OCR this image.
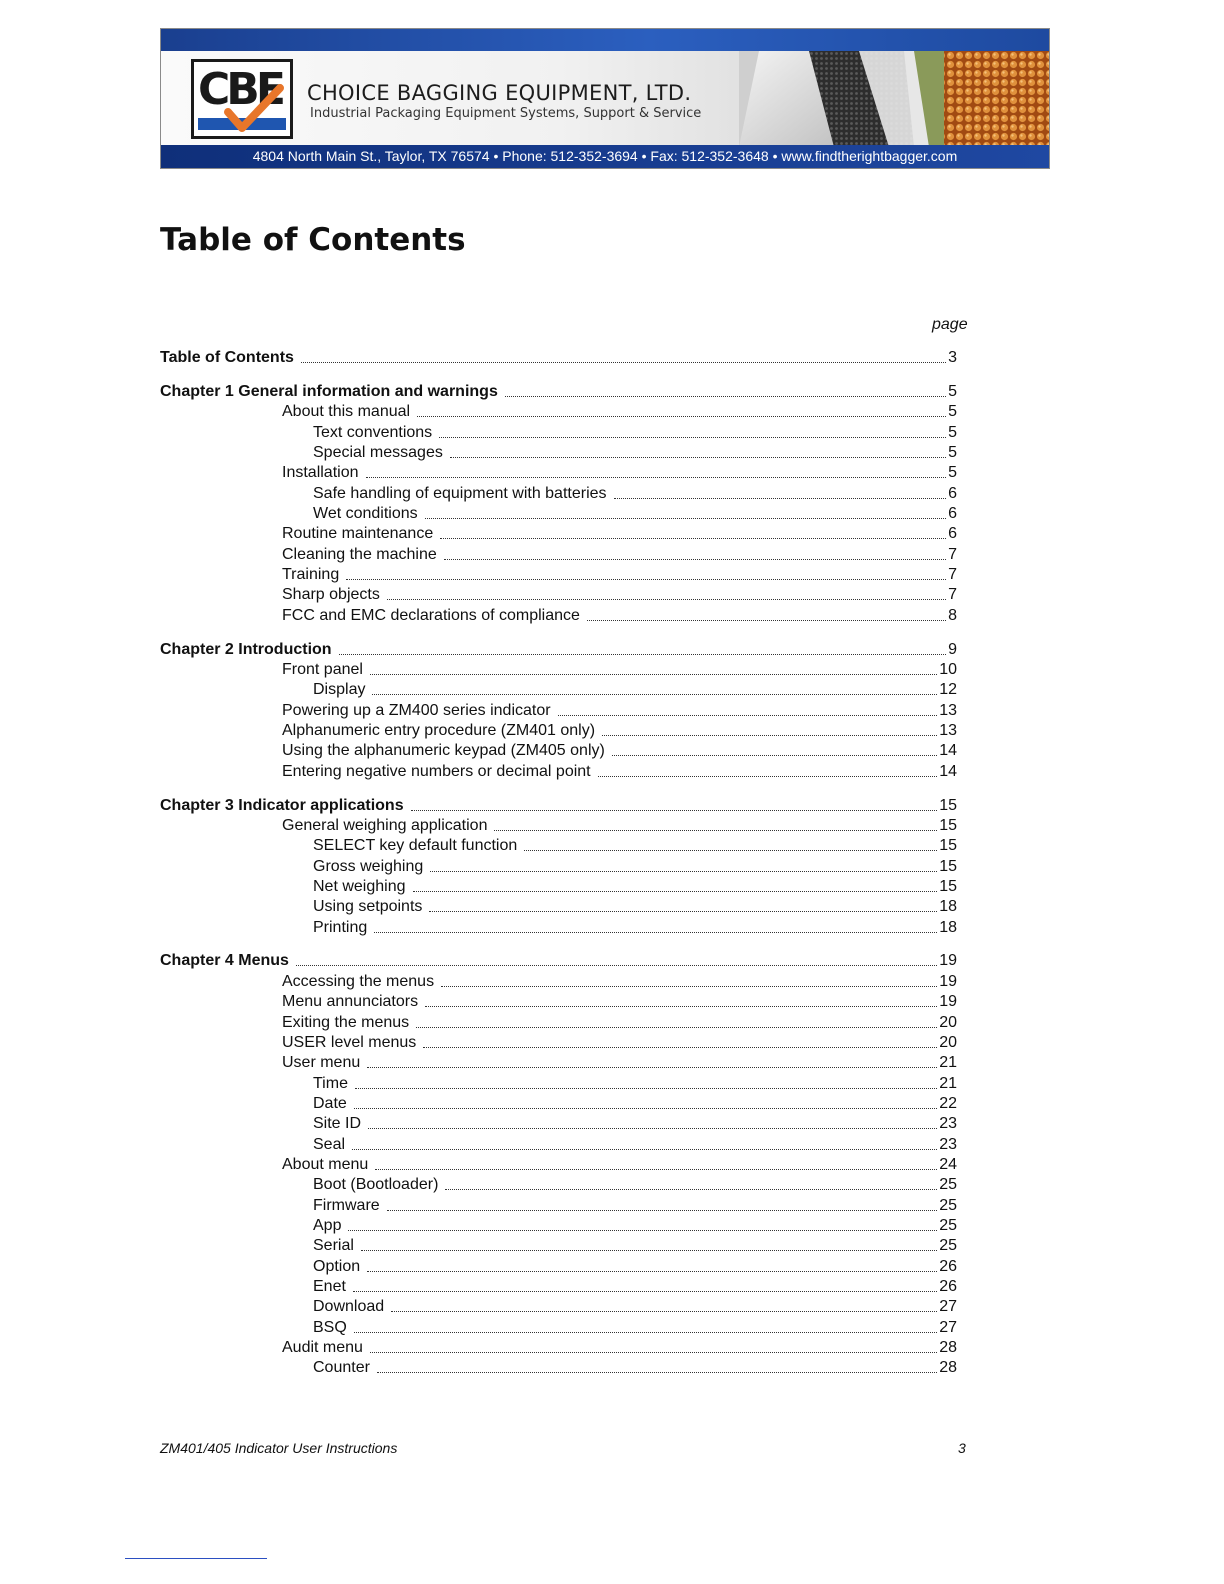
CBE CHOICE BAGGING EQUIPMENT, LTD.
Industrial Packaging Equipment Systems, Support & Service
4804 North Main St., Taylor, TX 76574 • Phone: 512-352-3694 • Fax: 512-352-3648 • www.findtherightbagger.com
Table of Contents
page
Table of Contents	3
Chapter 1 General information and warnings	5
About this manual	5
Text conventions	5
Special messages	5
Installation	5
Safe handling of equipment with batteries	6
Wet conditions	6
Routine maintenance	6
Cleaning the machine	7
Training	7
Sharp objects	7
FCC and EMC declarations of compliance	8
Chapter 2 Introduction	9
Front panel	10
Display	12
Powering up a ZM400 series indicator	13
Alphanumeric entry procedure (ZM401 only)	13
Using the alphanumeric keypad (ZM405 only)	14
Entering negative numbers or decimal point	14
Chapter 3 Indicator applications	15
General weighing application	15
SELECT key default function	15
Gross weighing	15
Net weighing	15
Using setpoints	18
Printing	18
Chapter 4 Menus	19
Accessing the menus	19
Menu annunciators	19
Exiting the menus	20
USER level menus	20
User menu	21
Time	21
Date	22
Site ID	23
Seal	23
About menu	24
Boot (Bootloader)	25
Firmware	25
App	25
Serial	25
Option	26
Enet	26
Download	27
BSQ	27
Audit menu	28
Counter	28
ZM401/405 Indicator User Instructions	3
